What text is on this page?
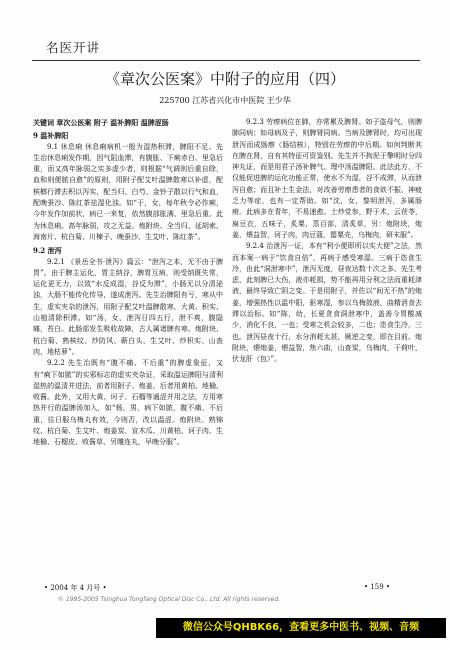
名医开讲
《章次公医案》中附子的应用（四）
225700 江苏省兴化市中医院 王少华

关键词 章次公医案 附子 温补脾阳 温脾涩肠

9 温补脾阳

9.1 休息痢 休息痢病机一般为湿热积滞，脾阳不足。先生治休息痢发作期，因气阻血滞，有腹胀、下痢赤白、里急后重，而又高年脉弱之实多虚少者，则根据“气调则后重自除，血和则便脓自愈”的原则，用附子配艾叶温脾散寒以补虚，配槟榔行滞去积以泻实，配当归、白芍、金铃子散以行气和血，配晚蚕沙、陈红茶祛湿化浊。如“于，女，每年秋令必作痢，今年发作加前状，病已一来复，依然腹部胀满、里急后重。此为休息痢。高年脉弱，攻之无益。炮附块、全当归、延胡索、海南片、杭白菊、川楝子、晚蚕沙、生艾叶、陈红茶”。

9.2 泄泻

9.2.1 《景岳全书·泄泻》篇云：“泄泻之本，无不由于脾胃”。由于脾主运化，胃主纳谷，脾胃互病，则受纳既失常，运化更无力，以致“水反成湿，谷反为滞”，小肠无以分清泌浊，大肠不能传化传导，遂成泄泻。先生治脾阳有亏，寒从中生，虚实夹杂的泄泻，用附子配艾叶温脾散寒，大黄、积实、山植清除积滞。如“汤，女，泄泻日四五行，泄不爽，腹隐痛，苔白。此肠部发生吸收故障，古人属诸脾有寒。炮附块、杭白菊、熟槟纹、炒防风、蕲白头、生艾叶、炒枳实、山查肉、地枯萝”。

9.2.2 先生治既有“腹不痛、不后重”的脾虚象征，又有“痢下如脓”的实邪标志的虚实夹杂证，采取温运脾阳与清利湿热的温清并进法，前者用附子、炮姜、后者用黄柏、地榆、败酱。此外，又用大黄、诃子、石榴等通涩并用之法，方用寒热并行的温脾汤加入，如“杨，男，病下如脓，腹不痛、不后重，往日服乌梅丸有效，今则否，改以温涩。炮附块、熟锦纹、杭白菊、生艾叶、炮姜炭、宣木瓜、川黄柏、诃子肉、生地榆、石榴皮、败酱草、另雕连丸，早晚分服”。

9.2.3 劳瘵病位在肺，亦常累及脾肾。如子盗母气，则脾肺同病；如母病及子，则脾肾同病。当病及脾肾时，均可出现泄泻而成肠瘵（肠结核），特别在劳瘵的中后期。如何判断其在脾在肾，自有其特征可资鉴别。先生并不拘泥于擎明时分四神丸证，而是用君子汤补脾气、理中汤温脾阳。此法此方，不仅能促进脾的运化功能正常，使水不为湿，谷不成滞，从而泄泻自愈；而且补土生金法，对改善劳瘵患者的食欲不振、神疲乏力等症，也有一定帮助。如“沈，女，黎明泄泻，多属肠痨。此病多在青年，不易速愈。土炒党参，野于术，云茯苓，扁豆衣，五味子，炙粟，蒸百部，清炙草，另：炮附块，炮姜，煨益智，诃子肉，肉豆蔻，罂粟壳，乌梅肉，研末服”。

9.2.4 治泄泻一证，本有“利小便即所以实大便”之法，然而本案一病于“饮食自倍”，再病于感受寒湿。三病于恣食生冷，由此“洞泄寒中”，泄泻无度，昼夜达数十次之多。先生考虑，此刻脾已大伤，液亦耗损，势不能再用分利之法而重耗津液，最终导致亡阴之变。于是用附子，并佐以“间无不热”的炮姜，增强热性以温中阳，驱寒湿，参以乌梅敛液，曲精消食去滞以治标。如“陈，幼，长夏贪食洞泄寒中，盖善今胃酸减少，消化不良，一也；受寒之机会较多，二也；恣食生冷，三也。泄泻昼夜十行，水分消耗太甚，厥逆之变，即在目前。炮附块，煨炮姜，煨益智，焦六曲，山查炭，乌梅肉，干荷叶，伏龙肝（包）”。

• 2004 年 4 月号 •	• 159 •
© 1995-2005 Tsinghua Tongfang Optical Disc Co., Ltd. All rights reserved.
微信公众号QHBK66，查看更多中医书、视频、音频
